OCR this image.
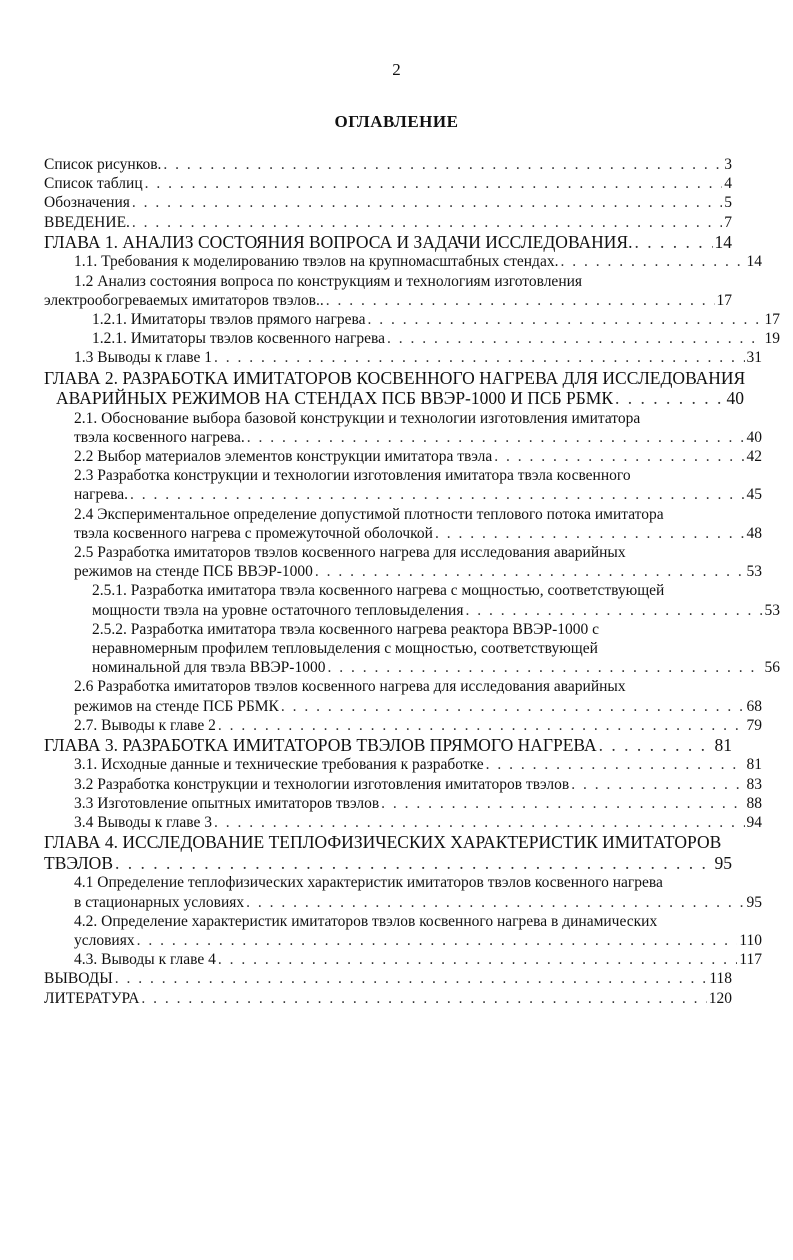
2
ОГЛАВЛЕНИЕ
Список рисунков. . . .	3
Список таблиц . . .	4
Обозначения . . .	5
ВВЕДЕНИЕ. . . .	7
ГЛАВА 1. АНАЛИЗ СОСТОЯНИЯ ВОПРОСА И ЗАДАЧИ ИССЛЕДОВАНИЯ. . . .	14
1.1. Требования к моделированию твэлов на крупномасштабных стендах. . . .	14
1.2 Анализ состояния вопроса по конструкциям и технологиям изготовления
электрообогреваемых имитаторов твэлов.. . . .	17
1.2.1. Имитаторы твэлов прямого нагрева . . .	17
1.2.1. Имитаторы твэлов косвенного нагрева . . .	19
1.3 Выводы к главе 1 . . .	31
ГЛАВА 2. РАЗРАБОТКА ИМИТАТОРОВ КОСВЕННОГО НАГРЕВА ДЛЯ ИССЛЕДОВАНИЯ
АВАРИЙНЫХ РЕЖИМОВ НА СТЕНДАХ ПСБ ВВЭР-1000 И ПСБ РБМК . . .	40
2.1. Обоснование выбора базовой конструкции и технологии изготовления имитатора
твэла косвенного нагрева. . . .	40
2.2 Выбор материалов элементов конструкции имитатора твэла . . .	42
2.3 Разработка конструкции и технологии изготовления имитатора твэла косвенного
нагрева. . . .	45
2.4 Экспериментальное определение допустимой плотности теплового потока имитатора
твэла косвенного нагрева с промежуточной оболочкой . . .	48
2.5 Разработка имитаторов твэлов косвенного нагрева для исследования аварийных
режимов на стенде ПСБ ВВЭР-1000 . . .	53
2.5.1. Разработка имитатора твэла косвенного нагрева с мощностью, соответствующей
мощности твэла на уровне остаточного тепловыделения . . .	53
2.5.2. Разработка имитатора твэла косвенного нагрева реактора ВВЭР-1000 с
неравномерным профилем тепловыделения с мощностью, соответствующей
номинальной для твэла ВВЭР-1000 . . .	56
2.6 Разработка имитаторов твэлов косвенного нагрева для исследования аварийных
режимов на стенде ПСБ РБМК . . .	68
2.7. Выводы к главе 2 . . .	79
ГЛАВА 3. РАЗРАБОТКА ИМИТАТОРОВ ТВЭЛОВ ПРЯМОГО НАГРЕВА . . .	81
3.1. Исходные данные и технические требования к разработке . . .	81
3.2 Разработка конструкции и технологии изготовления имитаторов твэлов . . .	83
3.3 Изготовление опытных имитаторов твэлов . . .	88
3.4 Выводы к главе 3 . . .	94
ГЛАВА 4. ИССЛЕДОВАНИЕ ТЕПЛОФИЗИЧЕСКИХ ХАРАКТЕРИСТИК ИМИТАТОРОВ
ТВЭЛОВ . . .	95
4.1 Определение теплофизических характеристик имитаторов твэлов косвенного нагрева
в стационарных условиях . . .	95
4.2. Определение характеристик имитаторов твэлов косвенного нагрева в динамических
условиях . . .	110
4.3. Выводы к главе 4 . . .	117
ВЫВОДЫ . . .	118
ЛИТЕРАТУРА . . .	120
